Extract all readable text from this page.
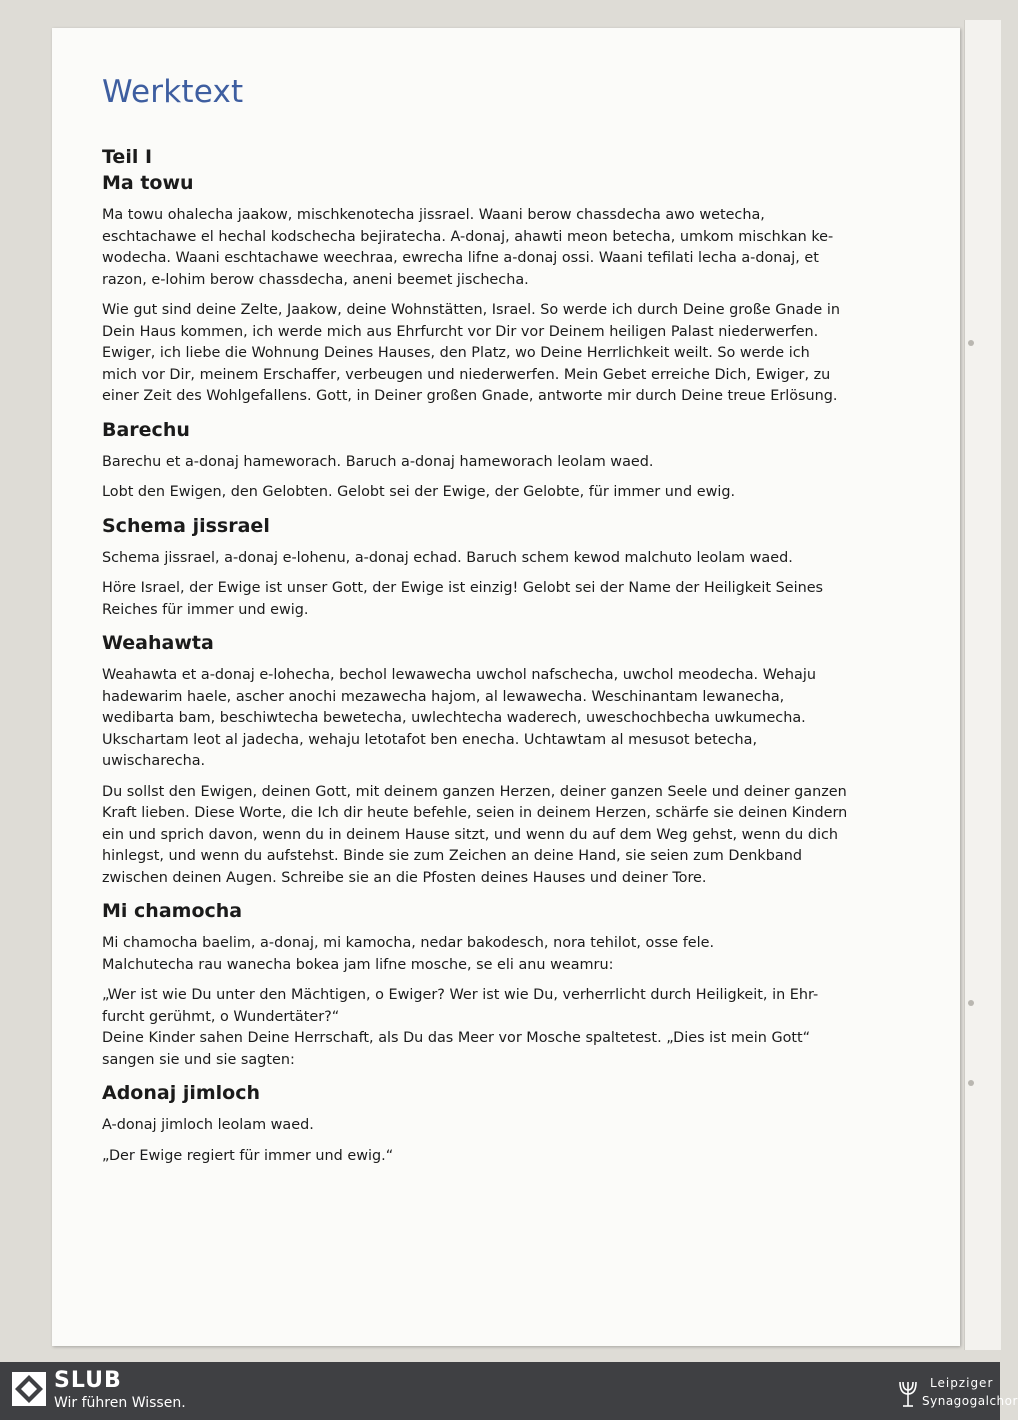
Werktext
Teil I
Ma towu

Ma towu ohalecha jaakow, mischkenotecha jissrael. Waani berow chassdecha awo wetecha,
eschtachawe el hechal kodschecha bejiratecha. A-donaj, ahawti meon betecha, umkom mischkan ke-
wodecha. Waani eschtachawe weechraa, ewrecha lifne a-donaj ossi. Waani tefilati lecha a-donaj, et
razon, e-lohim berow chassdecha, aneni beemet jischecha.

Wie gut sind deine Zelte, Jaakow, deine Wohnstätten, Israel. So werde ich durch Deine große Gnade in
Dein Haus kommen, ich werde mich aus Ehrfurcht vor Dir vor Deinem heiligen Palast niederwerfen.
Ewiger, ich liebe die Wohnung Deines Hauses, den Platz, wo Deine Herrlichkeit weilt. So werde ich
mich vor Dir, meinem Erschaffer, verbeugen und niederwerfen. Mein Gebet erreiche Dich, Ewiger, zu
einer Zeit des Wohlgefallens. Gott, in Deiner großen Gnade, antworte mir durch Deine treue Erlösung.

Barechu

Barechu et a-donaj hameworach. Baruch a-donaj hameworach leolam waed.

Lobt den Ewigen, den Gelobten. Gelobt sei der Ewige, der Gelobte, für immer und ewig.

Schema jissrael

Schema jissrael, a-donaj e-lohenu, a-donaj echad. Baruch schem kewod malchuto leolam waed.

Höre Israel, der Ewige ist unser Gott, der Ewige ist einzig! Gelobt sei der Name der Heiligkeit Seines
Reiches für immer und ewig.

Weahawta

Weahawta et a-donaj e-lohecha, bechol lewawecha uwchol nafschecha, uwchol meodecha. Wehaju
hadewarim haele, ascher anochi mezawecha hajom, al lewawecha. Weschinantam lewanecha,
wedibarta bam, beschiwtecha bewetecha, uwlechtecha waderech, uweschochbecha uwkumecha.
Ukschartam leot al jadecha, wehaju letotafot ben enecha. Uchtawtam al mesusot betecha,
uwischarecha.

Du sollst den Ewigen, deinen Gott, mit deinem ganzen Herzen, deiner ganzen Seele und deiner ganzen
Kraft lieben. Diese Worte, die Ich dir heute befehle, seien in deinem Herzen, schärfe sie deinen Kindern
ein und sprich davon, wenn du in deinem Hause sitzt, und wenn du auf dem Weg gehst, wenn du dich
hinlegst, und wenn du aufstehst. Binde sie zum Zeichen an deine Hand, sie seien zum Denkband
zwischen deinen Augen. Schreibe sie an die Pfosten deines Hauses und deiner Tore.

Mi chamocha

Mi chamocha baelim, a-donaj, mi kamocha, nedar bakodesch, nora tehilot, osse fele.
Malchutecha rau wanecha bokea jam lifne mosche, se eli anu weamru:

„Wer ist wie Du unter den Mächtigen, o Ewiger? Wer ist wie Du, verherrlicht durch Heiligkeit, in Ehr-
furcht gerühmt, o Wundertäter?“
Deine Kinder sahen Deine Herrschaft, als Du das Meer vor Mosche spaltetest. „Dies ist mein Gott“
sangen sie und sie sagten:

Adonaj jimloch

A-donaj jimloch leolam waed.

„Der Ewige regiert für immer und ewig.“

SLUB
Wir führen Wissen.
Leipziger
Synagogalchor
